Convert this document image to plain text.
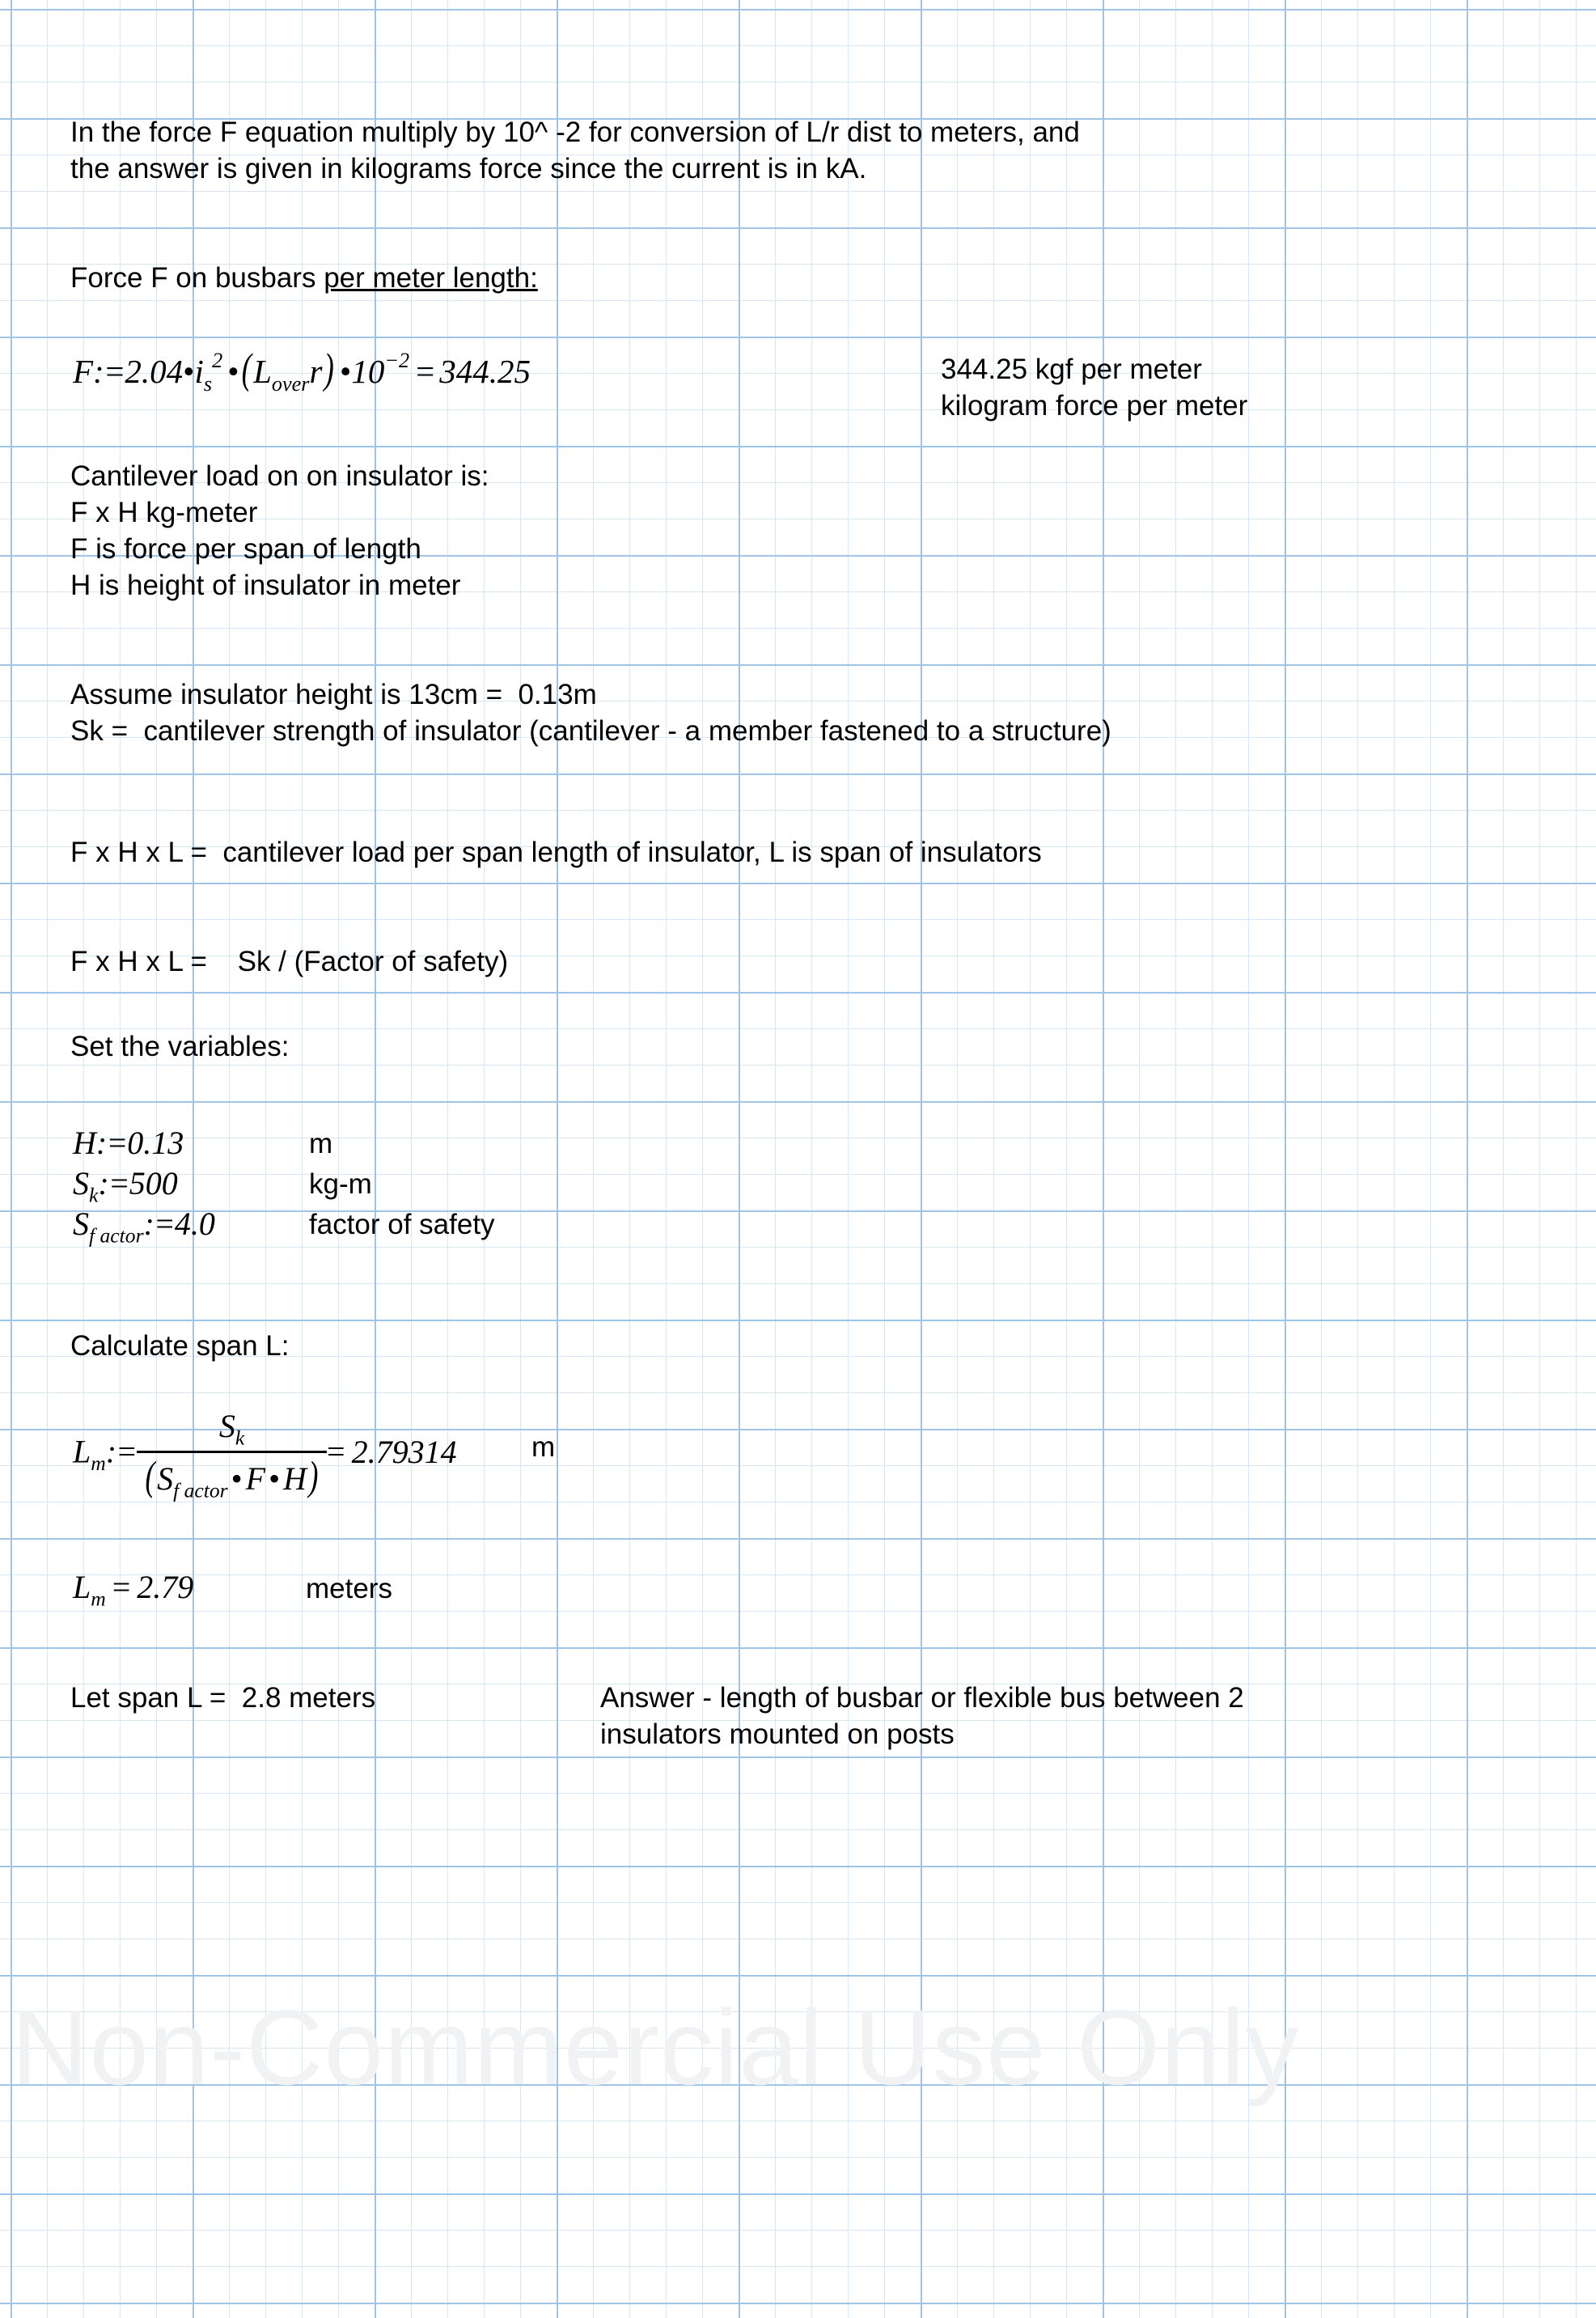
Non-Commercial Use Only
In the force F equation multiply by 10^ -2 for conversion of L/r dist to meters, and
the answer is given in kilograms force since the current is in kA.
Force F on busbars per meter length:
$F:=2.04•i_s^2$ $•(L_{over}r)$ $•10^{-2} = 344.25$	344.25 kgf per meter
kilogram force per meter
Cantilever load on on insulator is:
F x H kg-meter
F is force per span of length
H is height of insulator in meter
Assume insulator height is 13cm =  0.13m
Sk =  cantilever strength of insulator (cantilever - a member fastened to a structure)
F x H x L =  cantilever load per span length of insulator, L is span of insulators
F x H x L = Sk / (Factor of safety)
Set the variables:
H:=0.13	m
$S_k:=500$	kg-m
$S_{f actor}:=4.0$	factor of safety
Calculate span L:
$L_m:= \frac{S_k}{(S_{f actor} • F • H)} = 2.79314$	m
$L_m = 2.79$	meters
Let span L =  2.8 meters	Answer - length of busbar or flexible bus between 2
insulators mounted on posts
